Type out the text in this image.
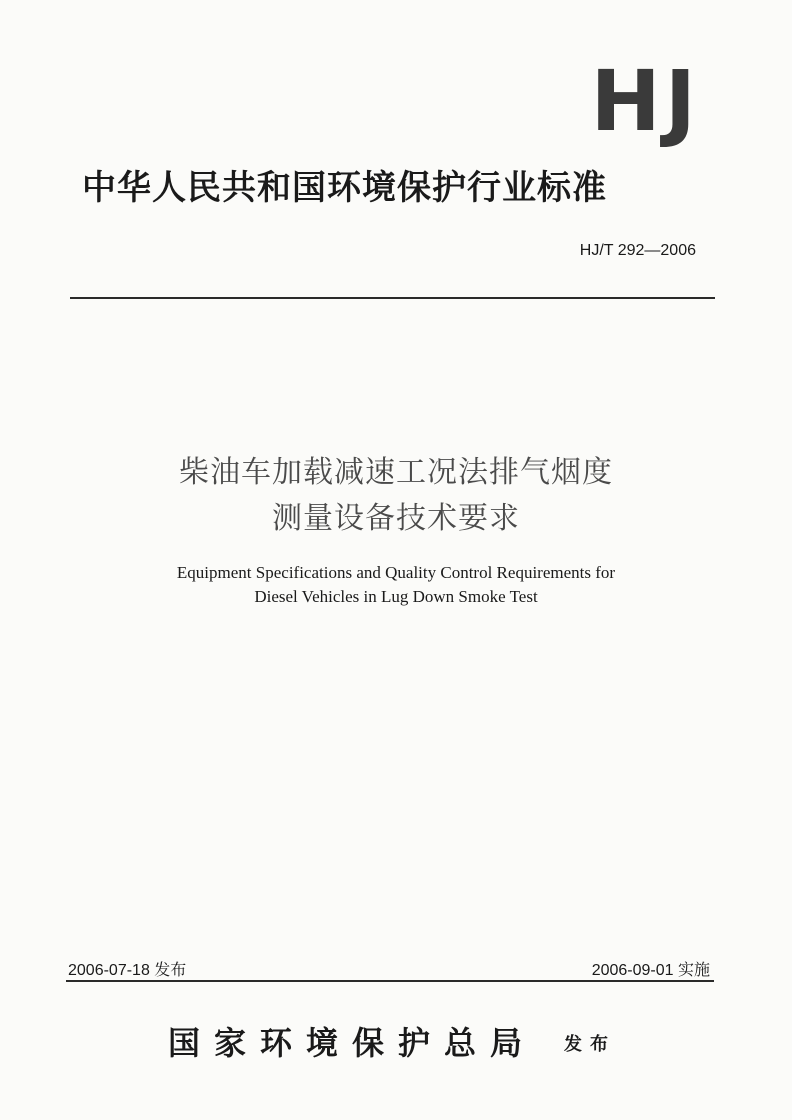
HJ
中华人民共和国环境保护行业标准
HJ/T 292—2006
柴油车加载减速工况法排气烟度
测量设备技术要求
Equipment Specifications and Quality Control Requirements for
Diesel Vehicles in Lug Down Smoke Test
2006-07-18 发布	2006-09-01 实施
国家环境保护总局 发布
